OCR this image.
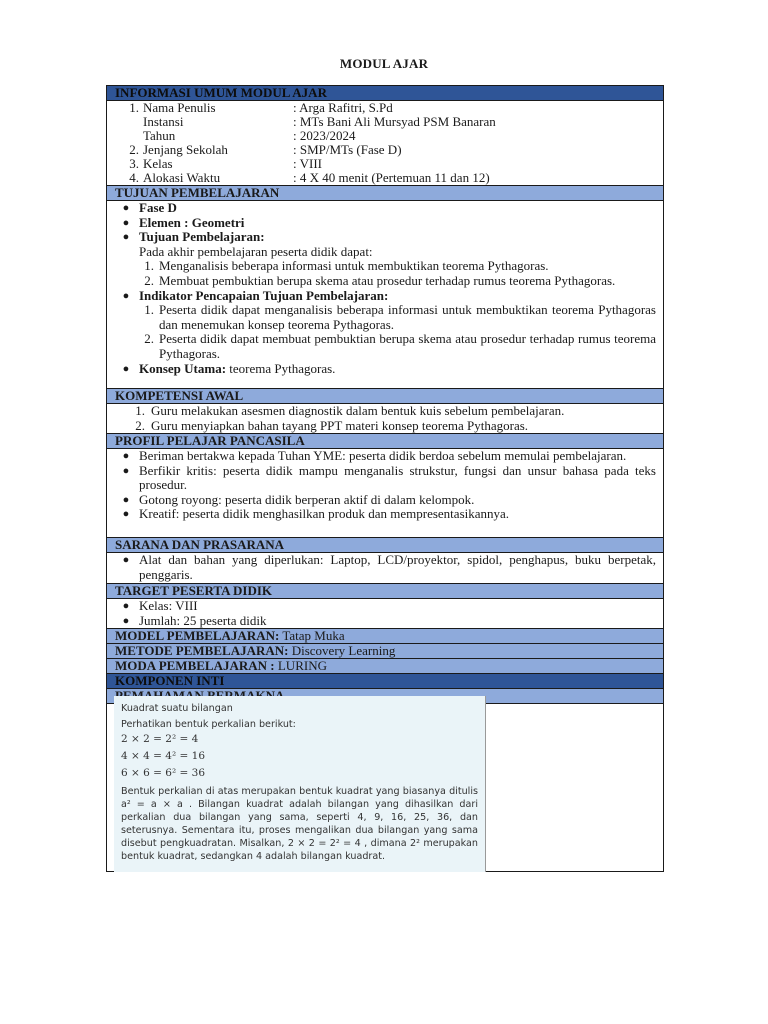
MODUL AJAR
INFORMASI UMUM MODUL AJAR
1. Nama Penulis	: Arga Rafitri, S.Pd
Instansi	: MTs Bani Ali Mursyad PSM Banaran
Tahun	: 2023/2024
2. Jenjang Sekolah	: SMP/MTs (Fase D)
3. Kelas	: VIII
4. Alokasi Waktu	: 4 X 40 menit (Pertemuan 11 dan 12)
TUJUAN PEMBELAJARAN
● Fase D
● Elemen : Geometri
● Tujuan Pembelajaran:
Pada akhir pembelajaran peserta didik dapat:
1. Menganalisis beberapa informasi untuk membuktikan teorema Pythagoras.
2. Membuat pembuktian berupa skema atau prosedur terhadap rumus teorema Pythagoras.
● Indikator Pencapaian Tujuan Pembelajaran:
1. Peserta didik dapat menganalisis beberapa informasi untuk membuktikan teorema Pythagoras dan menemukan konsep teorema Pythagoras.
2. Peserta didik dapat membuat pembuktian berupa skema atau prosedur terhadap rumus teorema Pythagoras.
● Konsep Utama: teorema Pythagoras.
KOMPETENSI AWAL
1. Guru melakukan asesmen diagnostik dalam bentuk kuis sebelum pembelajaran.
2. Guru menyiapkan bahan tayang PPT materi konsep teorema Pythagoras.
PROFIL PELAJAR PANCASILA
● Beriman bertakwa kepada Tuhan YME: peserta didik berdoa sebelum memulai pembelajaran.
● Berfikir kritis: peserta didik mampu menganalis strukstur, fungsi dan unsur bahasa pada teks prosedur.
● Gotong royong: peserta didik berperan aktif di dalam kelompok.
● Kreatif: peserta didik menghasilkan produk dan mempresentasikannya.
SARANA DAN PRASARANA
● Alat dan bahan yang diperlukan: Laptop, LCD/proyektor, spidol, penghapus, buku berpetak, penggaris.
TARGET PESERTA DIDIK
● Kelas: VIII
● Jumlah: 25 peserta didik
MODEL PEMBELAJARAN: Tatap Muka
METODE PEMBELAJARAN: Discovery Learning
MODA PEMBELAJARAN : LURING
KOMPONEN INTI
Kuadrat suatu bilangan
Perhatikan bentuk perkalian berikut:
2 × 2 = 2² = 4
4 × 4 = 4² = 16
6 × 6 = 6² = 36
Bentuk perkalian di atas merupakan bentuk kuadrat yang biasanya ditulis a² = a × a . Bilangan kuadrat adalah bilangan yang dihasilkan dari perkalian dua bilangan yang sama, seperti 4, 9, 16, 25, 36, dan seterusnya. Sementara itu, proses mengalikan dua bilangan yang sama disebut pengkuadratan. Misalkan, 2 × 2 = 2² = 4 , dimana 2² merupakan bentuk kuadrat, sedangkan 4 adalah bilangan kuadrat.
